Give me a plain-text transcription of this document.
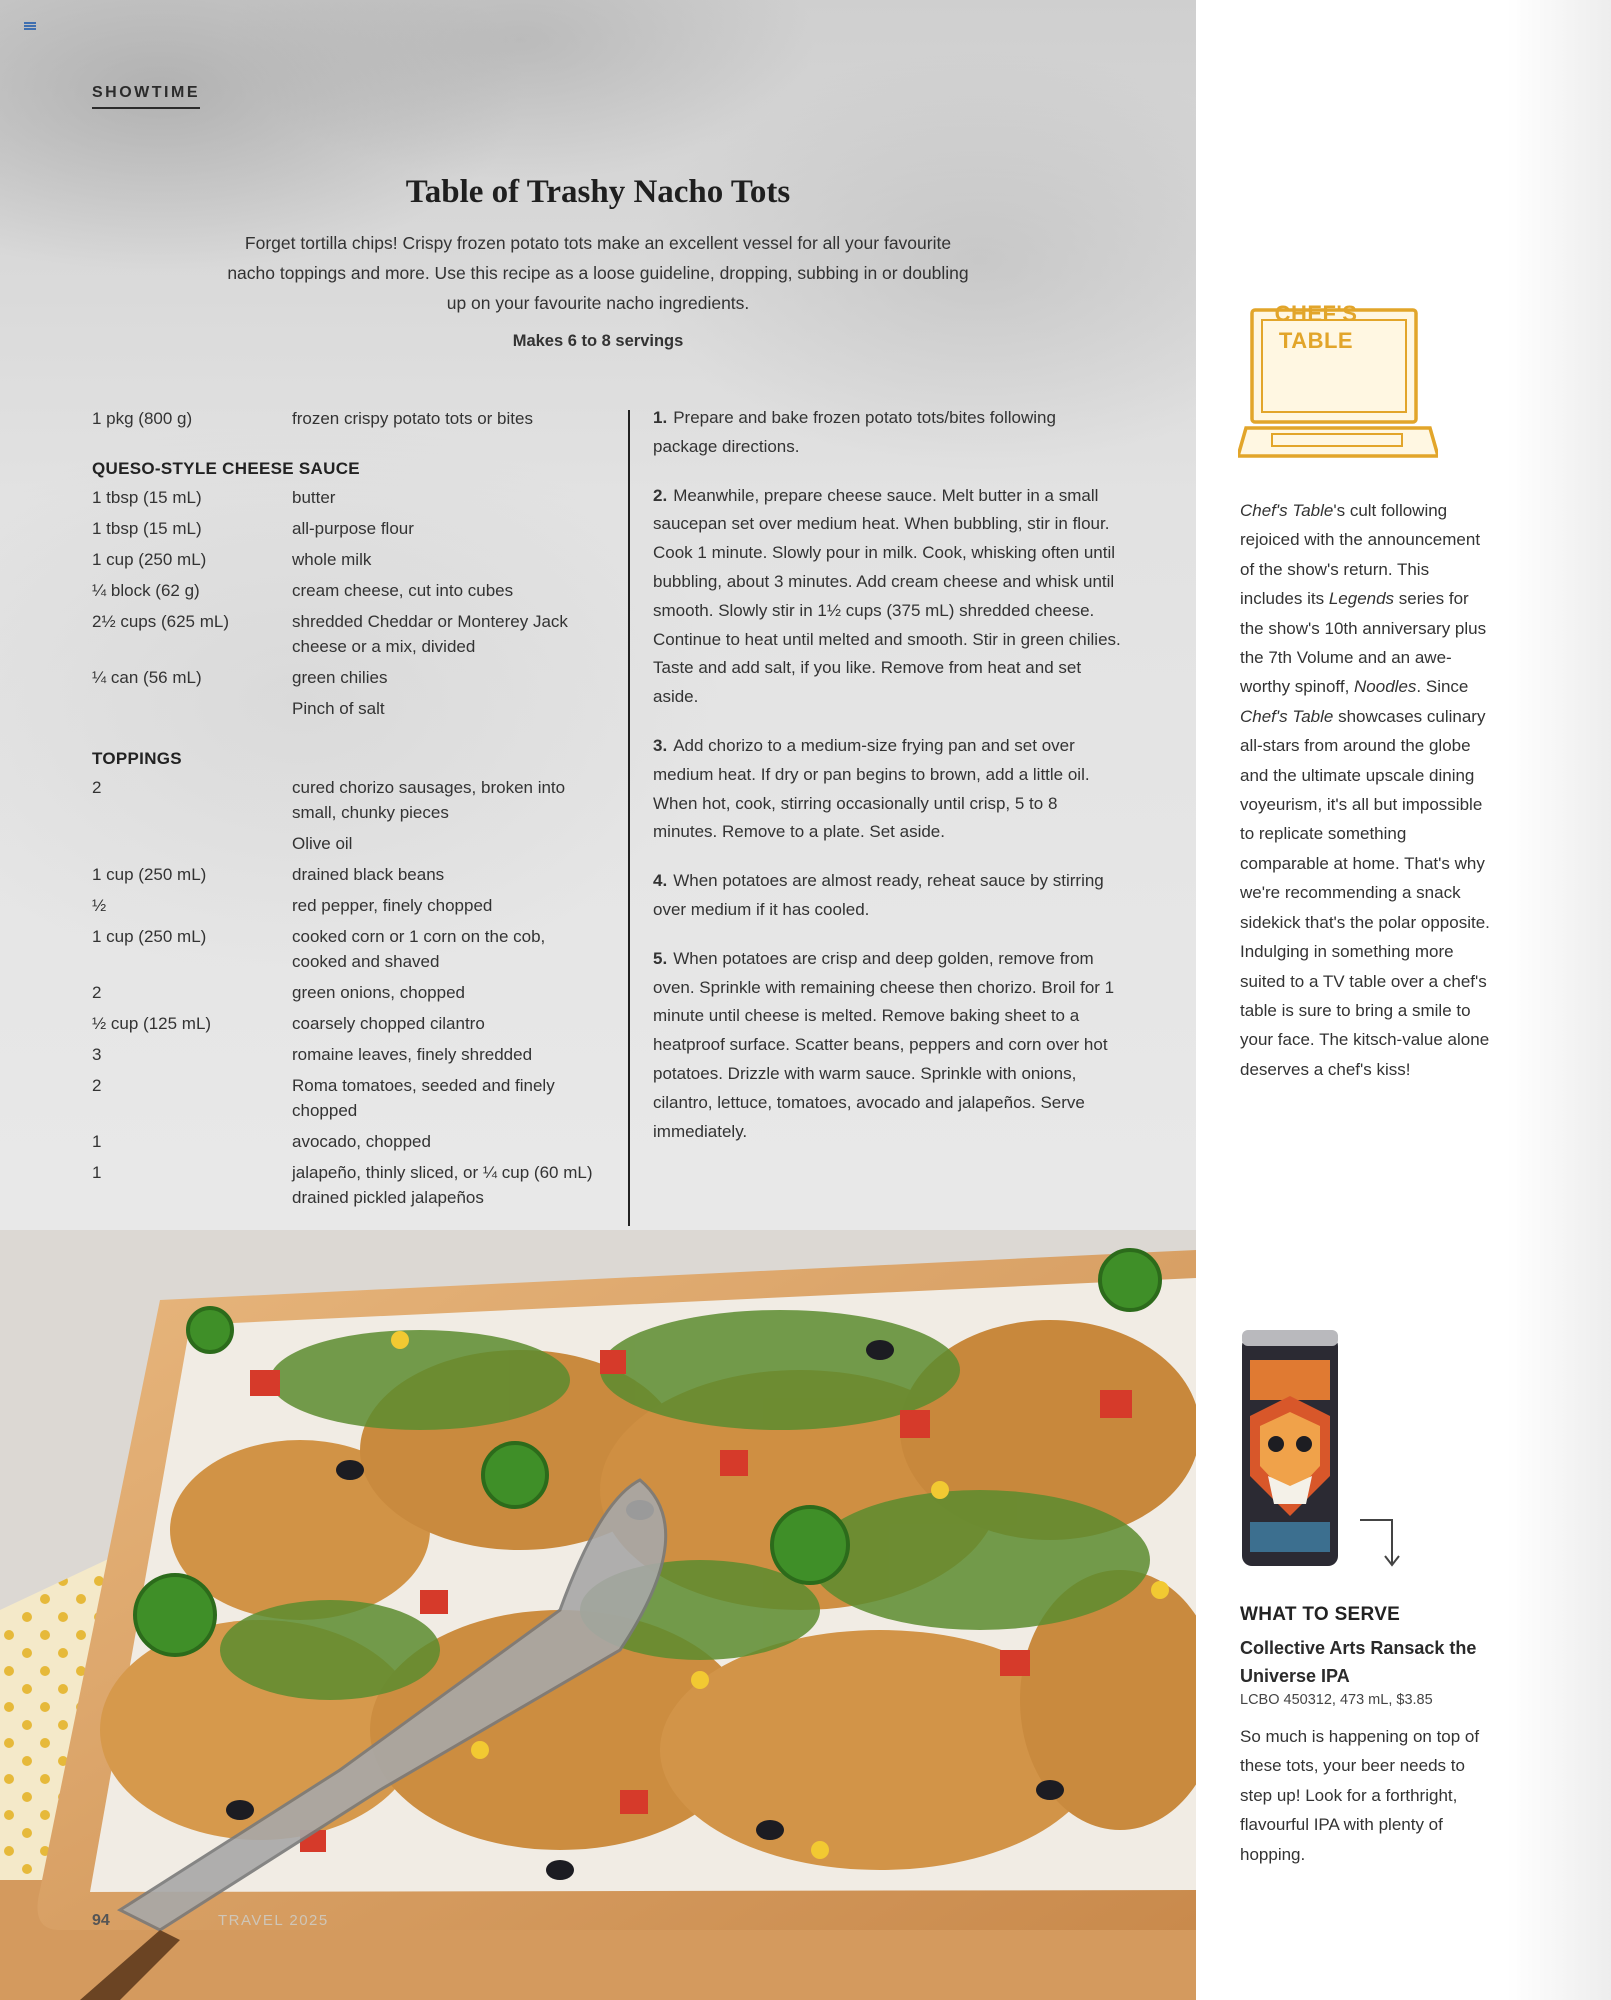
SHOWTIME
Table of Trashy Nacho Tots
Forget tortilla chips! Crispy frozen potato tots make an excellent vessel for all your favourite nacho toppings and more. Use this recipe as a loose guideline, dropping, subbing in or doubling up on your favourite nacho ingredients.
Makes 6 to 8 servings
1 pkg (800 g)	frozen crispy potato tots or bites
QUESO-STYLE CHEESE SAUCE
1 tbsp (15 mL)	butter
1 tbsp (15 mL)	all-purpose flour
1 cup (250 mL)	whole milk
¼ block (62 g)	cream cheese, cut into cubes
2½ cups (625 mL)	shredded Cheddar or Monterey Jack cheese or a mix, divided
¼ can (56 mL)	green chilies
Pinch of salt
TOPPINGS
2	cured chorizo sausages, broken into small, chunky pieces
Olive oil
1 cup (250 mL)	drained black beans
½	red pepper, finely chopped
1 cup (250 mL)	cooked corn or 1 corn on the cob, cooked and shaved
2	green onions, chopped
½ cup (125 mL)	coarsely chopped cilantro
3	romaine leaves, finely shredded
2	Roma tomatoes, seeded and finely chopped
1	avocado, chopped
1	jalapeño, thinly sliced, or ¼ cup (60 mL) drained pickled jalapeños

1. Prepare and bake frozen potato tots/bites following package directions.

2. Meanwhile, prepare cheese sauce. Melt butter in a small saucepan set over medium heat. When bubbling, stir in flour. Cook 1 minute. Slowly pour in milk. Cook, whisking often until bubbling, about 3 minutes. Add cream cheese and whisk until smooth. Slowly stir in 1½ cups (375 mL) shredded cheese. Continue to heat until melted and smooth. Stir in green chilies. Taste and add salt, if you like. Remove from heat and set aside.

3. Add chorizo to a medium-size frying pan and set over medium heat. If dry or pan begins to brown, add a little oil. When hot, cook, stirring occasionally until crisp, 5 to 8 minutes. Remove to a plate. Set aside.

4. When potatoes are almost ready, reheat sauce by stirring over medium if it has cooled.

5. When potatoes are crisp and deep golden, remove from oven. Sprinkle with remaining cheese then chorizo. Broil for 1 minute until cheese is melted. Remove baking sheet to a heatproof surface. Scatter beans, peppers and corn over hot potatoes. Drizzle with warm sauce. Sprinkle with onions, cilantro, lettuce, tomatoes, avocado and jalapeños. Serve immediately.

94	TRAVEL 2025
CHEF'S
TABLE
Chef's Table's cult following rejoiced with the announcement of the show's return. This includes its Legends series for the show's 10th anniversary plus the 7th Volume and an awe-worthy spinoff, Noodles. Since Chef's Table showcases culinary all-stars from around the globe and the ultimate upscale dining voyeurism, it's all but impossible to replicate something comparable at home. That's why we're recommending a snack sidekick that's the polar opposite. Indulging in something more suited to a TV table over a chef's table is sure to bring a smile to your face. The kitsch-value alone deserves a chef's kiss!
WHAT TO SERVE
Collective Arts Ransack the Universe IPA
LCBO 450312, 473 mL, $3.85
So much is happening on top of these tots, your beer needs to step up! Look for a forthright, flavourful IPA with plenty of hopping.
